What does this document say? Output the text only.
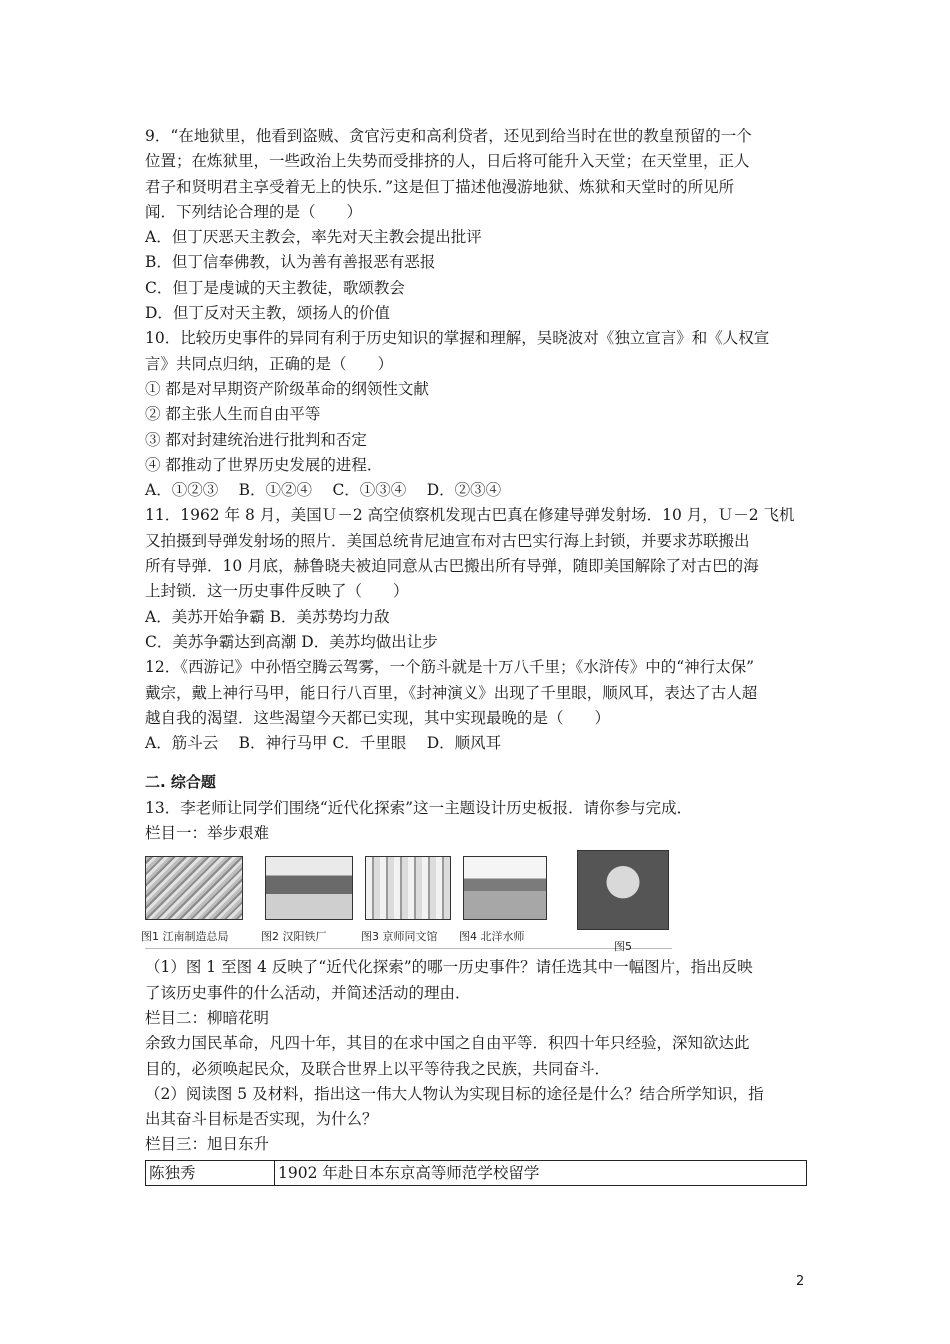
9．“在地狱里，他看到盗贼、贪官污吏和高利贷者，还见到给当时在世的教皇预留的一个
位置；在炼狱里，一些政治上失势而受排挤的人，日后将可能升入天堂；在天堂里，正人
君子和贤明君主享受着无上的快乐．”这是但丁描述他漫游地狱、炼狱和天堂时的所见所
闻．下列结论合理的是（　　）
A．但丁厌恶天主教会，率先对天主教会提出批评
B．但丁信奉佛教，认为善有善报恶有恶报
C．但丁是虔诚的天主教徒，歌颂教会
D．但丁反对天主教，颂扬人的价值
10．比较历史事件的异同有利于历史知识的掌握和理解，吴晓波对《独立宣言》和《人权宣
言》共同点归纳，正确的是（　　）
① 都是对早期资产阶级革命的纲领性文献
② 都主张人生而自由平等
③ 都对封建统治进行批判和否定
④ 都推动了世界历史发展的进程．
A．①②③　 B．①②④　 C．①③④　 D．②③④
11．1962 年 8 月，美国Ｕ－2 高空侦察机发现古巴真在修建导弹发射场．10 月，Ｕ－2 飞机
又拍摄到导弹发射场的照片．美国总统肯尼迪宣布对古巴实行海上封锁，并要求苏联搬出
所有导弹．10 月底，赫鲁晓夫被迫同意从古巴搬出所有导弹，随即美国解除了对古巴的海
上封锁．这一历史事件反映了（　　）
A．美苏开始争霸 B．美苏势均力敌
C．美苏争霸达到高潮 D．美苏均做出让步
12．《西游记》中孙悟空腾云驾雾，一个筋斗就是十万八千里；《水浒传》中的“神行太保”
戴宗，戴上神行马甲，能日行八百里，《封神演义》出现了千里眼，顺风耳，表达了古人超
越自我的渴望．这些渴望今天都已实现，其中实现最晚的是（　　）
A．筋斗云　 B．神行马甲 C．千里眼　 D．顺风耳
二. 综合题
13．李老师让同学们围绕“近代化探索”这一主题设计历史板报．请你参与完成．
栏目一：举步艰难
图1 江南制造总局	图2 汉阳铁厂	图3 京师同文馆	图4 北洋水师
图5
（1）图 1 至图 4 反映了“近代化探索”的哪一历史事件？请任选其中一幅图片，指出反映
了该历史事件的什么活动，并简述活动的理由．
栏目二：柳暗花明
余致力国民革命，凡四十年，其目的在求中国之自由平等．积四十年只经验，深知欲达此
目的，必须唤起民众，及联合世界上以平等待我之民族，共同奋斗．
（2）阅读图 5 及材料，指出这一伟大人物认为实现目标的途径是什么？结合所学知识，指
出其奋斗目标是否实现，为什么？
栏目三：旭日东升
陈独秀	1902 年赴日本东京高等师范学校留学
2
